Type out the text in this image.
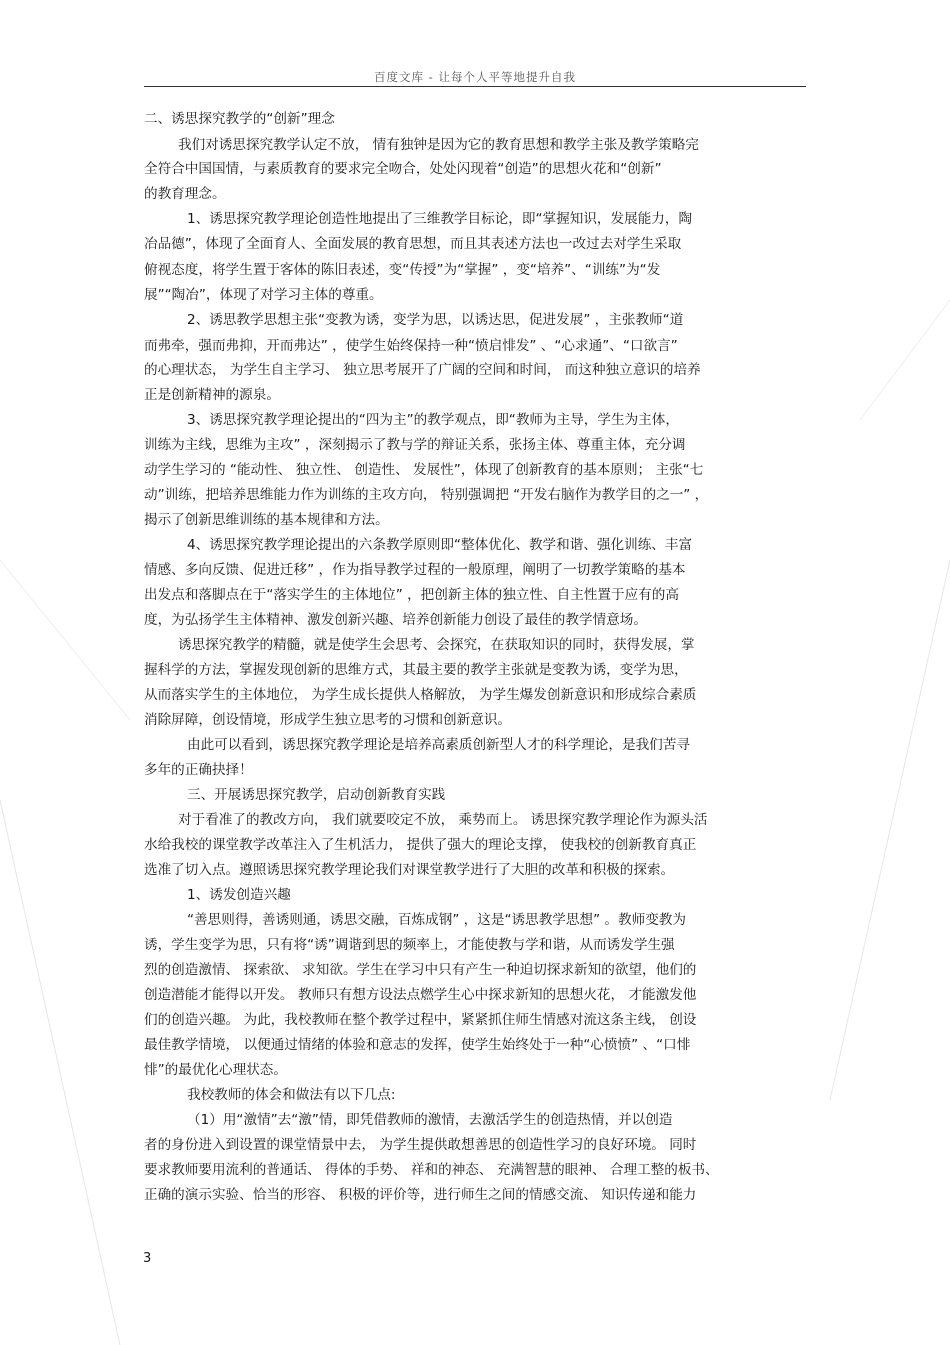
百度文库 - 让每个人平等地提升自我
二、诱思探究教学的“创新”理念
我们对诱思探究教学认定不放， 情有独钟是因为它的教育思想和教学主张及教学策略完
全符合中国国情，与素质教育的要求完全吻合，处处闪现着“创造”的思想火花和“创新”
的教育理念。
1、诱思探究教学理论创造性地提出了三维教学目标论，即“掌握知识，发展能力，陶
冶品德”，体现了全面育人、全面发展的教育思想，而且其表述方法也一改过去对学生采取
俯视态度，将学生置于客体的陈旧表述，变“传授”为“掌握” ，变“培养”、“训练”为“发
展”“陶冶”，体现了对学习主体的尊重。
2、诱思教学思想主张“变教为诱，变学为思，以诱达思，促进发展” ，主张教师“道
而弗牵，强而弗抑，开而弗达” ，使学生始终保持一种“愤启悱发” 、“心求通”、“口欲言”
的心理状态， 为学生自主学习、 独立思考展开了广阔的空间和时间， 而这种独立意识的培养
正是创新精神的源泉。
3、诱思探究教学理论提出的“四为主”的教学观点，即“教师为主导，学生为主体，
训练为主线，思维为主攻” ，深刻揭示了教与学的辩证关系，张扬主体、尊重主体，充分调
动学生学习的 “能动性、 独立性、 创造性、 发展性”，体现了创新教育的基本原则； 主张“七
动”训练，把培养思维能力作为训练的主攻方向， 特别强调把 “开发右脑作为教学目的之一” ，
揭示了创新思维训练的基本规律和方法。
4、诱思探究教学理论提出的六条教学原则即“整体优化、教学和谐、强化训练、丰富
情感、多向反馈、促进迁移” ，作为指导教学过程的一般原理，阐明了一切教学策略的基本
出发点和落脚点在于“落实学生的主体地位” ，把创新主体的独立性、自主性置于应有的高
度，为弘扬学生主体精神、激发创新兴趣、培养创新能力创设了最佳的教学情意场。
诱思探究教学的精髓，就是使学生会思考、会探究，在获取知识的同时，获得发展，掌
握科学的方法，掌握发现创新的思维方式，其最主要的教学主张就是变教为诱，变学为思，
从而落实学生的主体地位， 为学生成长提供人格解放， 为学生爆发创新意识和形成综合素质
消除屏障，创设情境，形成学生独立思考的习惯和创新意识。
由此可以看到，诱思探究教学理论是培养高素质创新型人才的科学理论，是我们苦寻
多年的正确抉择！
三、开展诱思探究教学，启动创新教育实践
对于看准了的教改方向， 我们就要咬定不放， 乘势而上。 诱思探究教学理论作为源头活
水给我校的课堂教学改革注入了生机活力， 提供了强大的理论支撑， 使我校的创新教育真正
选准了切入点。遵照诱思探究教学理论我们对课堂教学进行了大胆的改革和积极的探索。
1、诱发创造兴趣
“善思则得，善诱则通，诱思交融，百炼成钢” ，这是“诱思教学思想” 。教师变教为
诱，学生变学为思，只有将“诱”调谐到思的频率上，才能使教与学和谐，从而诱发学生强
烈的创造激情、 探索欲、 求知欲。学生在学习中只有产生一种迫切探求新知的欲望，他们的
创造潜能才能得以开发。 教师只有想方设法点燃学生心中探求新知的思想火花， 才能激发他
们的创造兴趣。 为此，我校教师在整个教学过程中，紧紧抓住师生情感对流这条主线， 创设
最佳教学情境， 以便通过情绪的体验和意志的发挥，使学生始终处于一种“心愤愤” 、“口悱
悱”的最优化心理状态。
我校教师的体会和做法有以下几点:
（1）用“激情”去“激”情，即凭借教师的激情，去激活学生的创造热情，并以创造
者的身份进入到设置的课堂情景中去， 为学生提供敢想善思的创造性学习的良好环境。 同时
要求教师要用流利的普通话、 得体的手势、 祥和的神态、 充满智慧的眼神、 合理工整的板书、
正确的演示实验、恰当的形容、 积极的评价等，进行师生之间的情感交流、 知识传递和能力
3
